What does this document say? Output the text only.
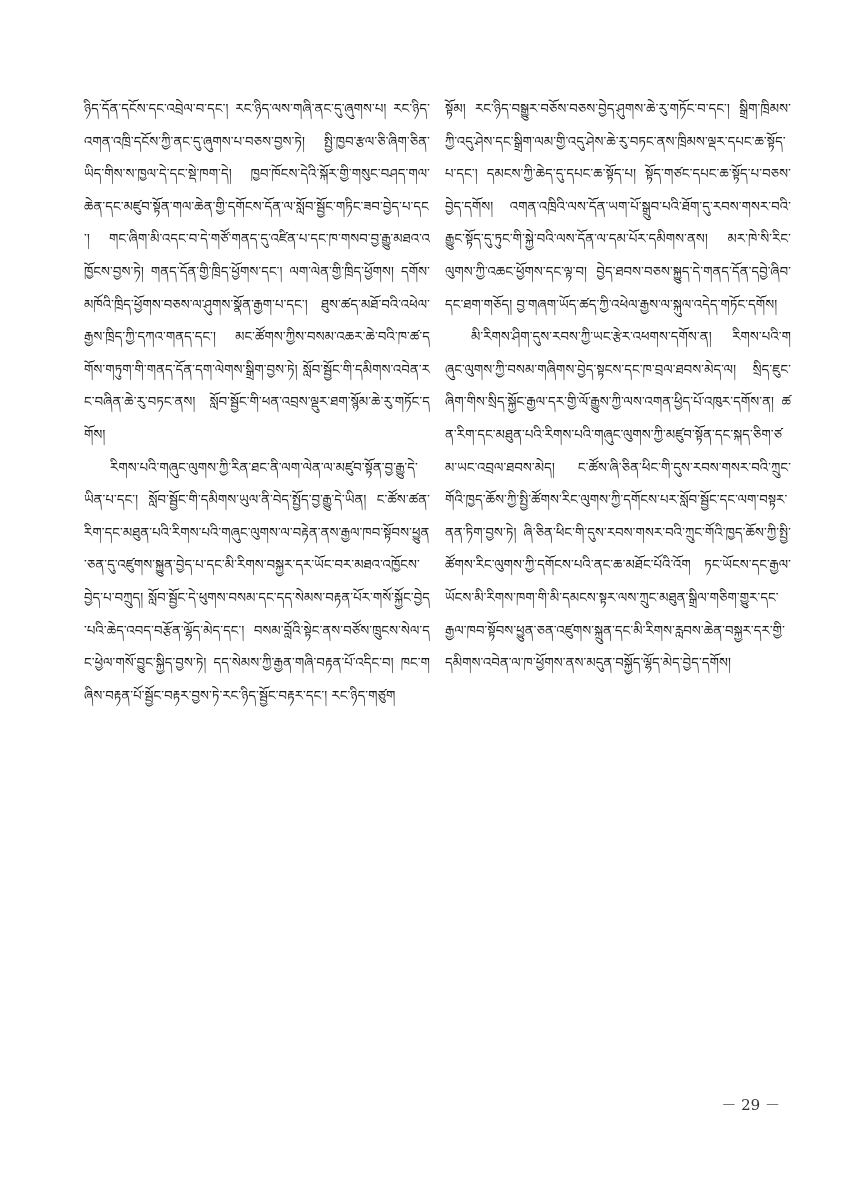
ཉིད་དོན་དངོས་དང་འབྲེལ་བ་དང་། རང་ཉིད་ལས་གཞི་ནང་དུ་ཞུགས་པ། རང་ཉིད་འགན་འཁྲི་དངོས་ཀྱི་ནང་དུ་ཞུགས་པ་བཅས་བྱས་ཏེ། སྤྱི་ཁྱབ་རྩལ་ཅི་ཞིག་ཅིན་ཡིད་གིས་ས་ཁྱལ་དེ་དང་སྡེ་ཁག་དེ། ཁྱབ་ཁོངས་དེའི་སྐོར་གྱི་གསུང་བཤད་གལ་ཆེན་དང་མཛུབ་སྟོན་གལ་ཆེན་གྱི་དགོངས་དོན་ལ་སློབ་སྦྱོང་གཏིང་ཟབ་བྱེད་པ་དང་། གང་ཞིག་མི་འདང་བ་དེ་གཙོ་གནད་དུ་འཛིན་པ་དང་ཁ་གསབ་བྱ་རྒྱུ་མཐའ་འཁྱོངས་བྱས་ཏེ། གནད་དོན་གྱི་ཁྲིད་ཕྱོགས་དང་། ལག་ལེན་གྱི་ཁྲིད་ཕྱོགས། དགོས་མཁོའི་ཁྲིད་ཕྱོགས་བཅས་ལ་ཤུགས་སྣོན་རྒྱག་པ་དང་། ཐུས་ཚད་མཐོ་བའི་འཕེལ་རྒྱས་ཁྲིད་ཀྱི་དཀའ་གནད་དང་། མང་ཚོགས་ཀྱིས་བསམ་འཆར་ཆེ་བའི་ཁ་ཚ་དགོས་གཏུག་གི་གནད་དོན་དག་ལེགས་སྒྲིག་བྱས་ཏེ། སློབ་སྦྱོང་གི་དམིགས་འབེན་རང་བཞིན་ཆེ་རུ་བཏང་ནས། སློབ་སྦྱོང་གི་ཕན་འབྲས་ལྡུར་ཐག་སྙོམ་ཆེ་རུ་གཏོང་དགོས།

རིགས་པའི་གཞུང་ལུགས་ཀྱི་རིན་ཐང་ནི་ལག་ལེན་ལ་མཛུབ་སྟོན་བྱ་རྒྱུ་དེ་ཡིན་པ་དང་། སློབ་སྦྱོང་གི་དམིགས་ཡུལ་ནི་བེད་སྤྱོད་བྱ་རྒྱུ་དེ་ཡིན། ང་ཚོས་ཚན་རིག་དང་མཐུན་པའི་རིགས་པའི་གཞུང་ལུགས་ལ་བརྟེན་ནས་རྒྱལ་ཁབ་སྟོབས་ཕྱུན་ཅན་དུ་འཛུགས་སྐྱུན་བྱེད་པ་དང་མི་རིགས་བསྐྱར་དར་ཡོང་བར་མཐའ་འཁྱོངས་བྱེད་པ་བཀྲུད། སློབ་སྦྱོང་དེ་ཕུགས་བསམ་དང་དད་སེམས་བརྟན་པོར་གསོ་སྐྱོང་བྱེད་པའི་ཆེད་འབད་བརྩོན་ལྷོད་མེད་དང་། བསམ་བློའི་སྟེང་ནས་བཙོས་ཁྲུངས་སེལ་དང་ཕྱེལ་གསོ་བྱུང་སྐྱིད་བྱས་ཏེ། དད་སེམས་ཀྱི་རྒྱན་གཞི་བརྟན་པོ་འདིང་བ། ཁང་གཞིས་བརྟན་པོ་སྦྱོང་བརྟར་བྱས་ཏེ་རང་ཉིད་སྦྱོང་བརྟར་དང་། རང་ཉིད་གཙུག

སྟོམ། རང་ཉིད་བསྒྱུར་བཅོས་བཅས་བྱེད་ཤུགས་ཆེ་རུ་གཏོང་བ་དང་། སྒྲིག་ཁྲིམས་ཀྱི་འདུ་ཤེས་དང་སྒྲིག་ལམ་གྱི་འདུ་ཤེས་ཆེ་རུ་བཏང་ནས་ཁྲིམས་ལྡར་དཔང་ཆ་སྟོད་པ་དང་། དམངས་ཀྱི་ཆེད་དུ་དཔང་ཆ་སྟོད་པ། སྟོད་གཙང་དཔང་ཆ་སྟོད་པ་བཅས་བྱེད་དགོས། འགན་འཁྲིའི་ལས་དོན་ཡག་པོ་སྒྲུབ་པའི་ཐོག་དུ་རབས་གསར་བའི་རྒྱུང་སྟོད་དུ་ཏུང་གི་སྐྱེ་བའི་ལས་དོན་ལ་དམ་པོར་དམིགས་ནས། མར་ཁེ་སི་རིང་ལུགས་ཀྱི་འཆང་ཕྱོགས་དང་ལྟ་བ། བྱེད་ཐབས་བཅས་སྐྱུད་དེ་གནད་དོན་དབྱེ་ཞིབ་དང་ཐག་གཅོད། བྱ་གཞག་ཡོད་ཚད་ཀྱི་འཕེལ་རྒྱས་ལ་སྐུལ་འདེད་གཏོང་དགོས།

མི་རིགས་ཤིག་དུས་རབས་ཀྱི་ཡང་རྩེར་འཕགས་དགོས་ན། རིགས་པའི་གཞུང་ལུགས་ཀྱི་བསམ་གཞིགས་བྱེད་སྟངས་དང་ཁ་བྲལ་ཐབས་མེད་ལ། སྲིད་ཇུང་ཞིག་གིས་སྲིད་སྐྱོང་རྒྱལ་དར་གྱི་ལོ་རྒྱུས་ཀྱི་ལས་འགན་ཕྱིད་པོ་འཁུར་དགོས་ན། ཚན་རིག་དང་མཐུན་པའི་རིགས་པའི་གཞུང་ལུགས་ཀྱི་མཛུབ་སྟོན་དང་སྐད་ཅིག་ཙམ་ཡང་འབྲལ་ཐབས་མེད། ང་ཚོས་ཞི་ཅིན་ཕིང་གི་དུས་རབས་གསར་བའི་ཀྲུང་གོའི་ཁྱད་ཆོས་ཀྱི་སྤྱི་ཚོགས་རིང་ལུགས་ཀྱི་དགོངས་པར་སློབ་སྦྱོང་དང་ལག་བསྟར་ནན་ཏིག་བྱས་ཏེ། ཞི་ཅིན་ཕིང་གི་དུས་རབས་གསར་བའི་ཀྲུང་གོའི་ཁྱད་ཆོས་ཀྱི་སྤྱི་ཚོགས་རིང་ལུགས་ཀྱི་དགོངས་པའི་ནང་ཆ་མཐོང་པོའི་འོག ཏང་ཡོངས་དང་རྒྱལ་ཡོངས་མི་རིགས་ཁག་གི་མི་དམངས་སྟར་ལས་ཀྲུང་མཐུན་སྒྲིལ་གཅིག་གྱུར་དང་རྒྱལ་ཁབ་སྟོབས་ཕྱུན་ཅན་འཛུགས་སྐྲུན་དང་མི་རིགས་རླབས་ཆེན་བསྐྱར་དར་གྱི་དམིགས་འབེན་ལ་ཁ་ཕྱོགས་ནས་མདུན་བསྐྱོད་ལྷོད་མེད་བྱེད་དགོས།

－ 29 －
